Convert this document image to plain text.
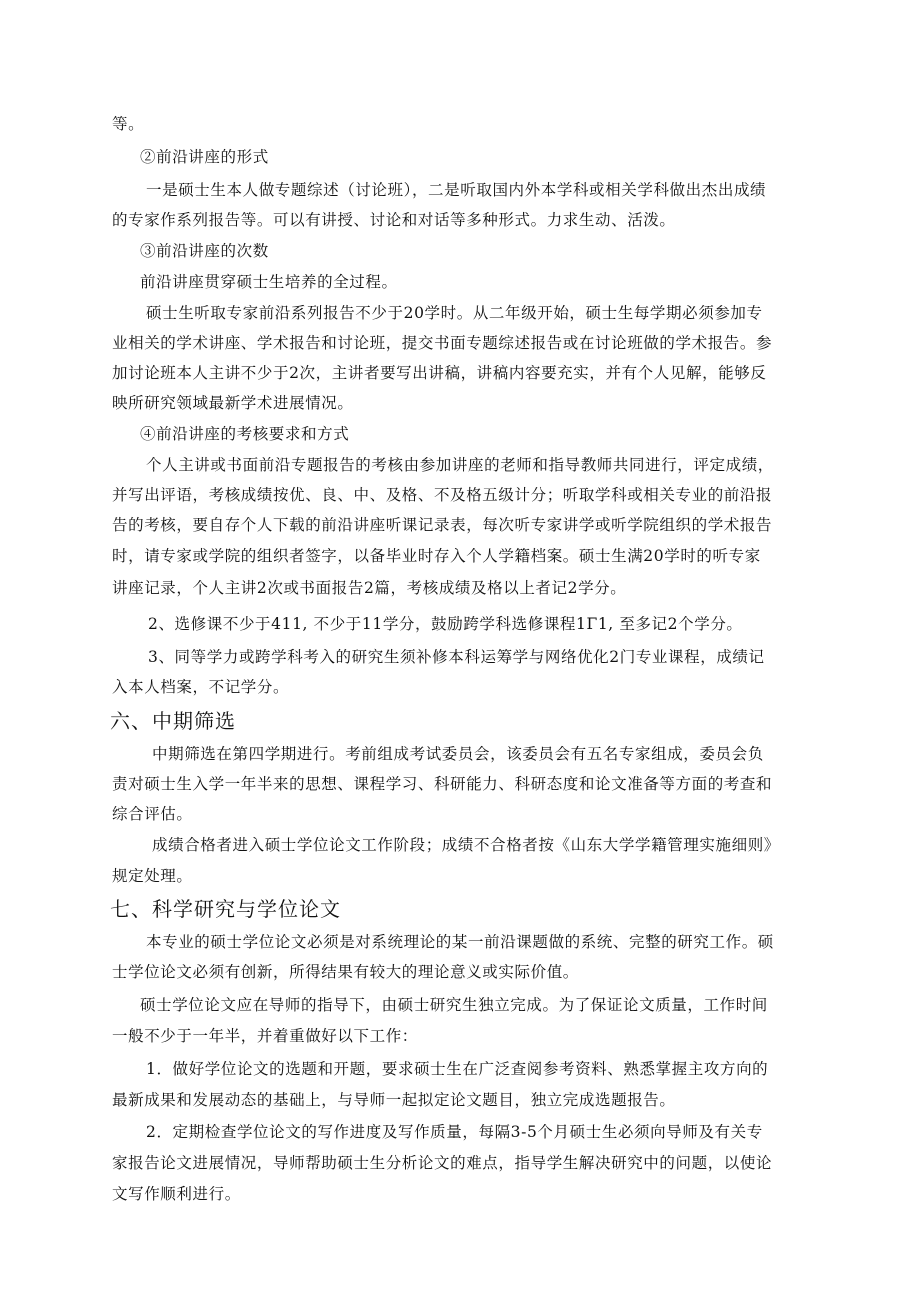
等。

②前沿讲座的形式

一是硕士生本人做专题综述（讨论班），二是听取国内外本学科或相关学科做出杰出成绩

的专家作系列报告等。可以有讲授、讨论和对话等多种形式。力求生动、活泼。

③前沿讲座的次数

前沿讲座贯穿硕士生培养的全过程。

硕士生听取专家前沿系列报告不少于20学时。从二年级开始，硕士生每学期必须参加专

业相关的学术讲座、学术报告和讨论班，提交书面专题综述报告或在讨论班做的学术报告。参

加讨论班本人主讲不少于2次，主讲者要写出讲稿，讲稿内容要充实，并有个人见解，能够反

映所研究领域最新学术进展情况。

④前沿讲座的考核要求和方式

个人主讲或书面前沿专题报告的考核由参加讲座的老师和指导教师共同进行，评定成绩，

并写出评语，考核成绩按优、良、中、及格、不及格五级计分；听取学科或相关专业的前沿报

告的考核，要自存个人下载的前沿讲座听课记录表，每次听专家讲学或听学院组织的学术报告

时，请专家或学院的组织者签字，以备毕业时存入个人学籍档案。硕士生满20学时的听专家

讲座记录，个人主讲2次或书面报告2篇，考核成绩及格以上者记2学分。

2、选修课不少于411, 不少于11学分，鼓励跨学科选修课程1Γ1, 至多记2个学分。

3、同等学力或跨学科考入的研究生须补修本科运筹学与网络优化2门专业课程，成绩记

入本人档案，不记学分。

六、中期筛选

中期筛选在第四学期进行。考前组成考试委员会，该委员会有五名专家组成，委员会负

责对硕士生入学一年半来的思想、课程学习、科研能力、科研态度和论文准备等方面的考查和

综合评估。

成绩合格者进入硕士学位论文工作阶段；成绩不合格者按《山东大学学籍管理实施细则》

规定处理。

七、科学研究与学位论文

本专业的硕士学位论文必须是对系统理论的某一前沿课题做的系统、完整的研究工作。硕

士学位论文必须有创新，所得结果有较大的理论意义或实际价值。

硕士学位论文应在导师的指导下，由硕士研究生独立完成。为了保证论文质量，工作时间

一般不少于一年半，并着重做好以下工作：

1．做好学位论文的选题和开题，要求硕士生在广泛查阅参考资料、熟悉掌握主攻方向的

最新成果和发展动态的基础上，与导师一起拟定论文题目，独立完成选题报告。

2．定期检查学位论文的写作进度及写作质量，每隔3-5个月硕士生必须向导师及有关专

家报告论文进展情况，导师帮助硕士生分析论文的难点，指导学生解决研究中的问题，以使论

文写作顺利进行。
